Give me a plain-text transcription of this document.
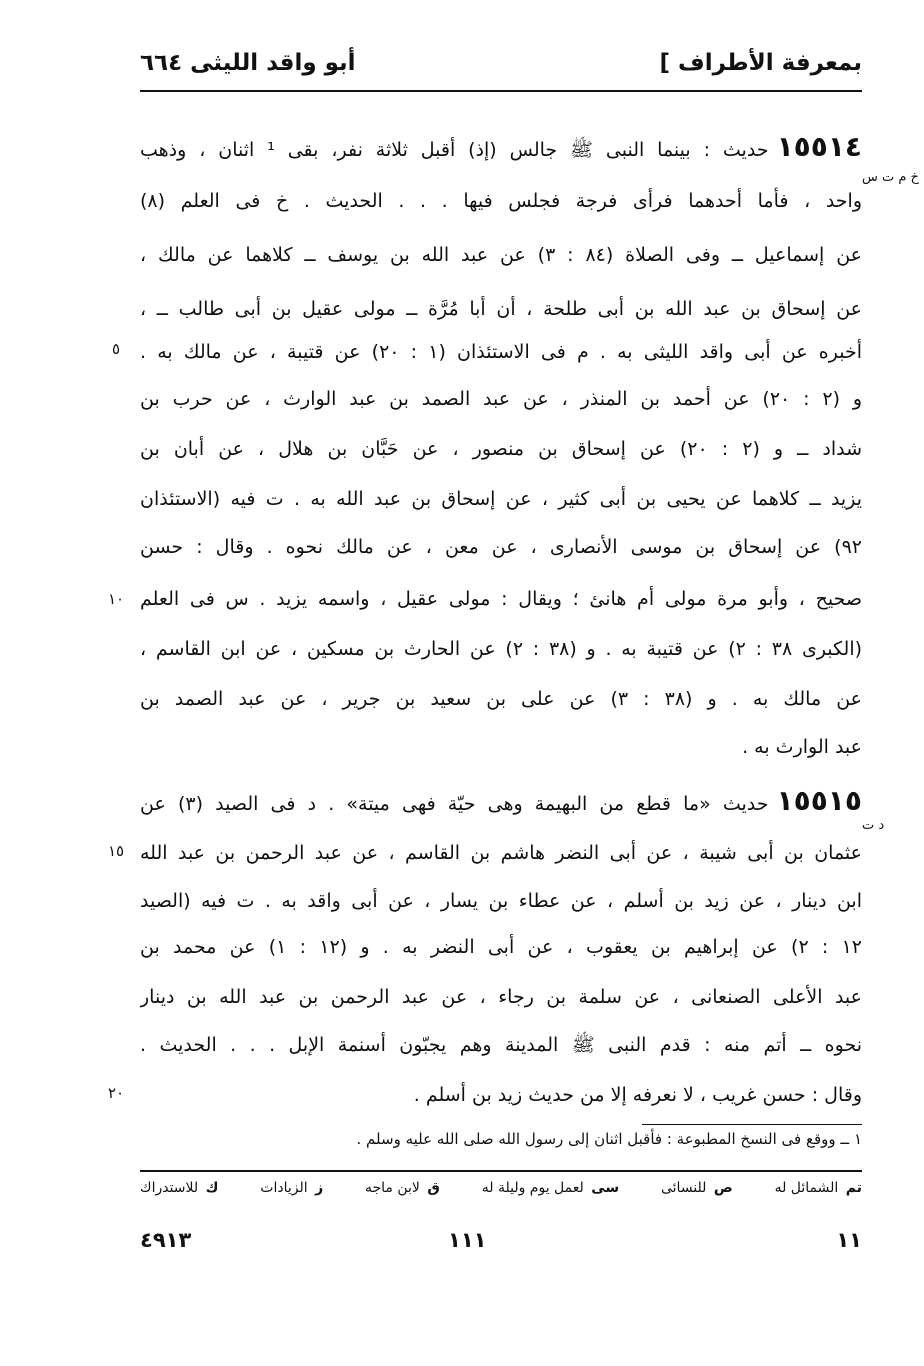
بمعرفة الأطراف ]
أبو واقد الليثى ٦٦٤
خ م ت س
١٥٥١٤حديث : بينما النبى ﷺ جالس (إذ) أقبل ثلاثة نفر، بقى ¹ اثنان ، وذهب
واحد ، فأما أحدهما فرأى فرجة فجلس فيها . . . الحديث . خ فى العلم (٨)
عن إسماعيل ــ وفى الصلاة (٨٤ : ٣) عن عبد الله بن يوسف ــ كلاهما عن مالك ،
عن إسحاق بن عبد الله بن أبى طلحة ، أن أبا مُرَّة ــ مولى عقيل بن أبى طالب ــ ،
أخبره عن أبى واقد الليثى به . م فى الاستئذان (١ : ٢٠) عن قتيبة ، عن مالك به .
و (٢ : ٢٠) عن أحمد بن المنذر ، عن عبد الصمد بن عبد الوارث ، عن حرب بن
شداد ــ و (٢ : ٢٠) عن إسحاق بن منصور ، عن حَبَّان بن هلال ، عن أبان بن
يزيد ــ كلاهما عن يحيى بن أبى كثير ، عن إسحاق بن عبد الله به . ت فيه (الاستئذان
٩٢) عن إسحاق بن موسى الأنصارى ، عن معن ، عن مالك نحوه . وقال : حسن
صحيح ، وأبو مرة مولى أم هانئ ؛ ويقال : مولى عقيل ، واسمه يزيد . س فى العلم
(الكبرى ٣٨ : ٢) عن قتيبة به . و (٣٨ : ٢) عن الحارث بن مسكين ، عن ابن القاسم ،
عن مالك به . و (٣٨ : ٣) عن على بن سعيد بن جرير ، عن عبد الصمد بن
عبد الوارث به .
د ت
١٥٥١٥حديث «ما قطع من البهيمة وهى حيّة فهى ميتة» . د فى الصيد (٣) عن
عثمان بن أبى شيبة ، عن أبى النضر هاشم بن القاسم ، عن عبد الرحمن بن عبد الله
ابن دينار ، عن زيد بن أسلم ، عن عطاء بن يسار ، عن أبى واقد به . ت فيه (الصيد
١٢ : ٢) عن إبراهيم بن يعقوب ، عن أبى النضر به . و (١٢ : ١) عن محمد بن
عبد الأعلى الصنعانى ، عن سلمة بن رجاء ، عن عبد الرحمن بن عبد الله بن دينار
نحوه ــ أتم منه : قدم النبى ﷺ المدينة وهم يجبّون أسنمة الإبل . . . الحديث .
وقال : حسن غريب ، لا نعرفه إلا من حديث زيد بن أسلم .
٥
١٠
١٥
٢٠
١ ــ ووقع فى النسخ المطبوعة : فأقبل اثنان إلى رسول الله صلى الله عليه وسلم .
تم الشمائل له
ص للنسائى
سى لعمل يوم وليلة له
ق لابن ماجه
ز الزيادات
ك للاستدراك
١١
١١١
٤٩١٣
